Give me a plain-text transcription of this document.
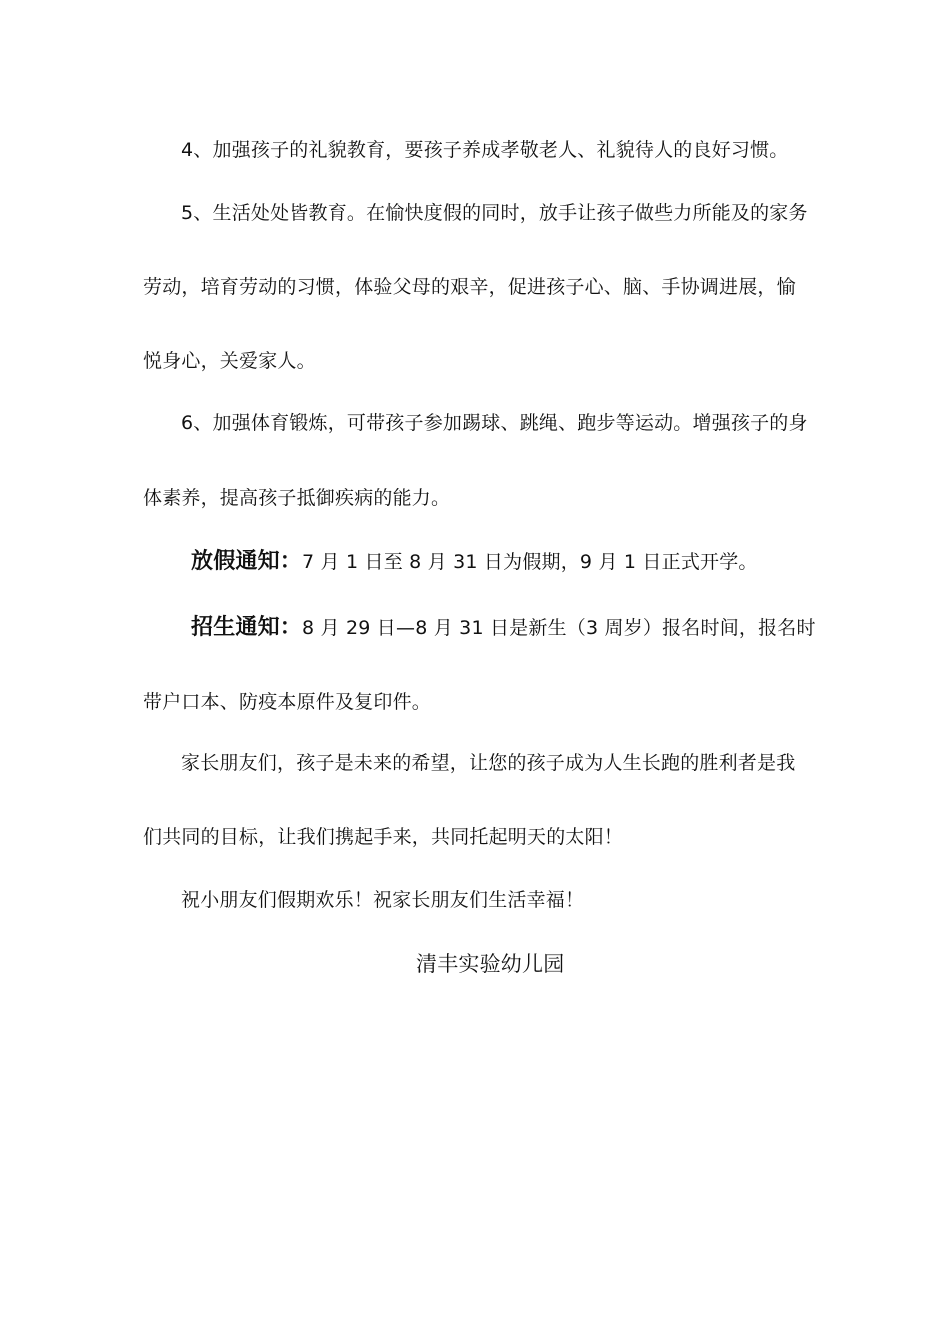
4、加强孩子的礼貌教育，要孩子养成孝敬老人、礼貌待人的良好习惯。
5、生活处处皆教育。在愉快度假的同时，放手让孩子做些力所能及的家务
劳动，培育劳动的习惯，体验父母的艰辛，促进孩子心、脑、手协调进展，愉
悦身心，关爱家人。
6、加强体育锻炼，可带孩子参加踢球、跳绳、跑步等运动。增强孩子的身
体素养，提高孩子抵御疾病的能力。
放假通知：7 月 1 日至 8 月 31 日为假期，9 月 1 日正式开学。
招生通知：8 月 29 日—8 月 31 日是新生（3 周岁）报名时间，报名时
带户口本、防疫本原件及复印件。
家长朋友们，孩子是未来的希望，让您的孩子成为人生长跑的胜利者是我
们共同的目标，让我们携起手来，共同托起明天的太阳！
祝小朋友们假期欢乐！祝家长朋友们生活幸福！
清丰实验幼儿园
